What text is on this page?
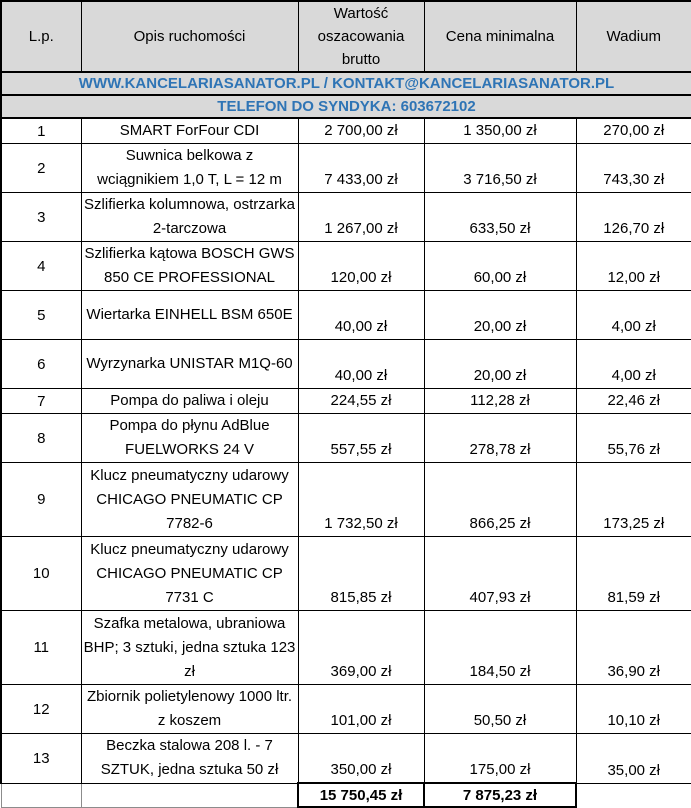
L.p.	Opis ruchomości	Wartość oszacowania brutto	Cena minimalna	Wadium
WWW.KANCELARIASANATOR.PL / KONTAKT@KANCELARIASANATOR.PL				
TELEFON DO SYNDYKA: 603672102				
1	SMART ForFour CDI	2 700,00 zł	1 350,00 zł	270,00 zł
2	Suwnica belkowa z wciągnikiem 1,0 T, L = 12 m	7 433,00 zł	3 716,50 zł	743,30 zł
3	Szlifierka kolumnowa, ostrzarka 2-tarczowa	1 267,00 zł	633,50 zł	126,70 zł
4	Szlifierka kątowa BOSCH GWS 850 CE PROFESSIONAL	120,00 zł	60,00 zł	12,00 zł
5	Wiertarka EINHELL BSM 650E	40,00 zł	20,00 zł	4,00 zł
6	Wyrzynarka UNISTAR M1Q-60	40,00 zł	20,00 zł	4,00 zł
7	Pompa do paliwa i oleju	224,55 zł	112,28 zł	22,46 zł
8	Pompa do płynu AdBlue FUELWORKS 24 V	557,55 zł	278,78 zł	55,76 zł
9	Klucz pneumatyczny udarowy CHICAGO PNEUMATIC CP 7782-6	1 732,50 zł	866,25 zł	173,25 zł
10	Klucz pneumatyczny udarowy CHICAGO PNEUMATIC CP 7731 C	815,85 zł	407,93 zł	81,59 zł
11	Szafka metalowa, ubraniowa BHP; 3 sztuki, jedna sztuka 123 zł	369,00 zł	184,50 zł	36,90 zł
12	Zbiornik polietylenowy 1000 ltr. z koszem	101,00 zł	50,50 zł	10,10 zł
13	Beczka stalowa 208 l. - 7 SZTUK, jedna sztuka 50 zł	350,00 zł	175,00 zł	35,00 zł
		15 750,45 zł	7 875,23 zł	
